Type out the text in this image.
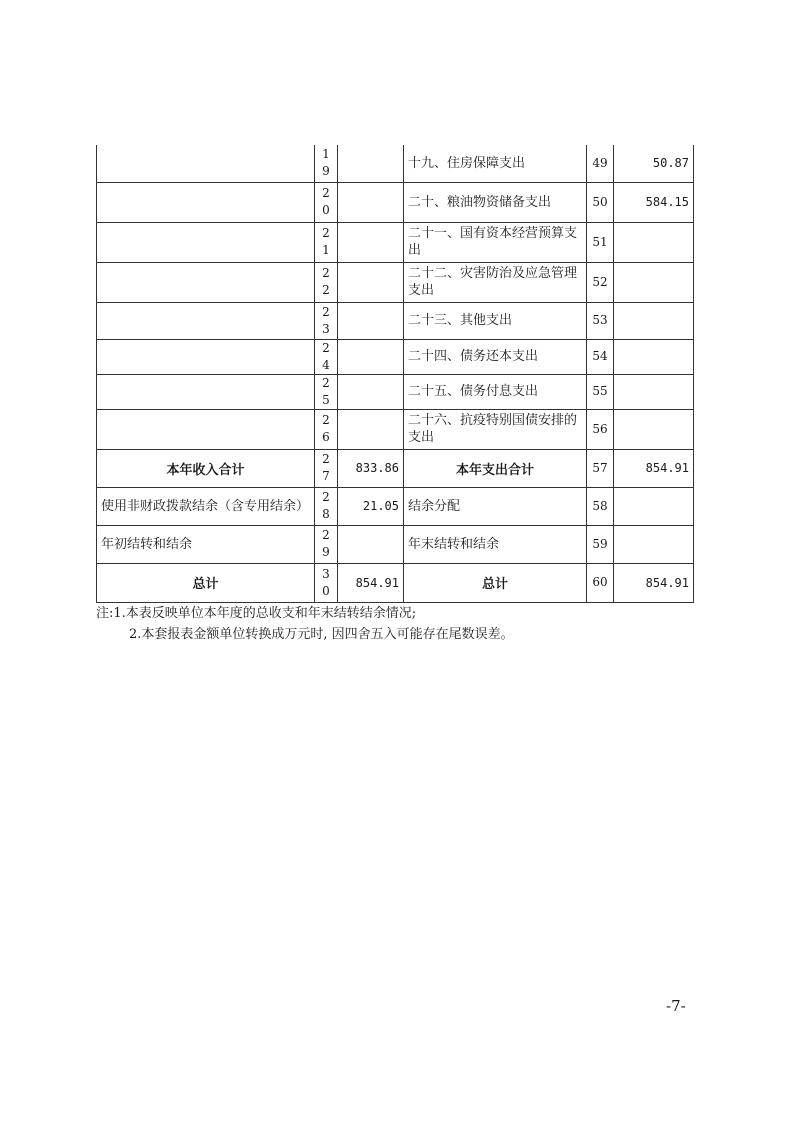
	19		十九、住房保障支出	49	50.87
	20		二十、粮油物资储备支出	50	584.15
	21		二十一、国有资本经营预算支出	51	
	22		二十二、灾害防治及应急管理支出	52	
	23		二十三、其他支出	53	
	24		二十四、债务还本支出	54	
	25		二十五、债务付息支出	55	
	26		二十六、抗疫特别国债安排的支出	56	
本年收入合计	27	833.86	本年支出合计	57	854.91
使用非财政拨款结余（含专用结余）	28	21.05	结余分配	58	
年初结转和结余	29		年末结转和结余	59	
总计	30	854.91	总计	60	854.91
注:1.本表反映单位本年度的总收支和年末结转结余情况;
2.本套报表金额单位转换成万元时, 因四舍五入可能存在尾数误差。
-7-
